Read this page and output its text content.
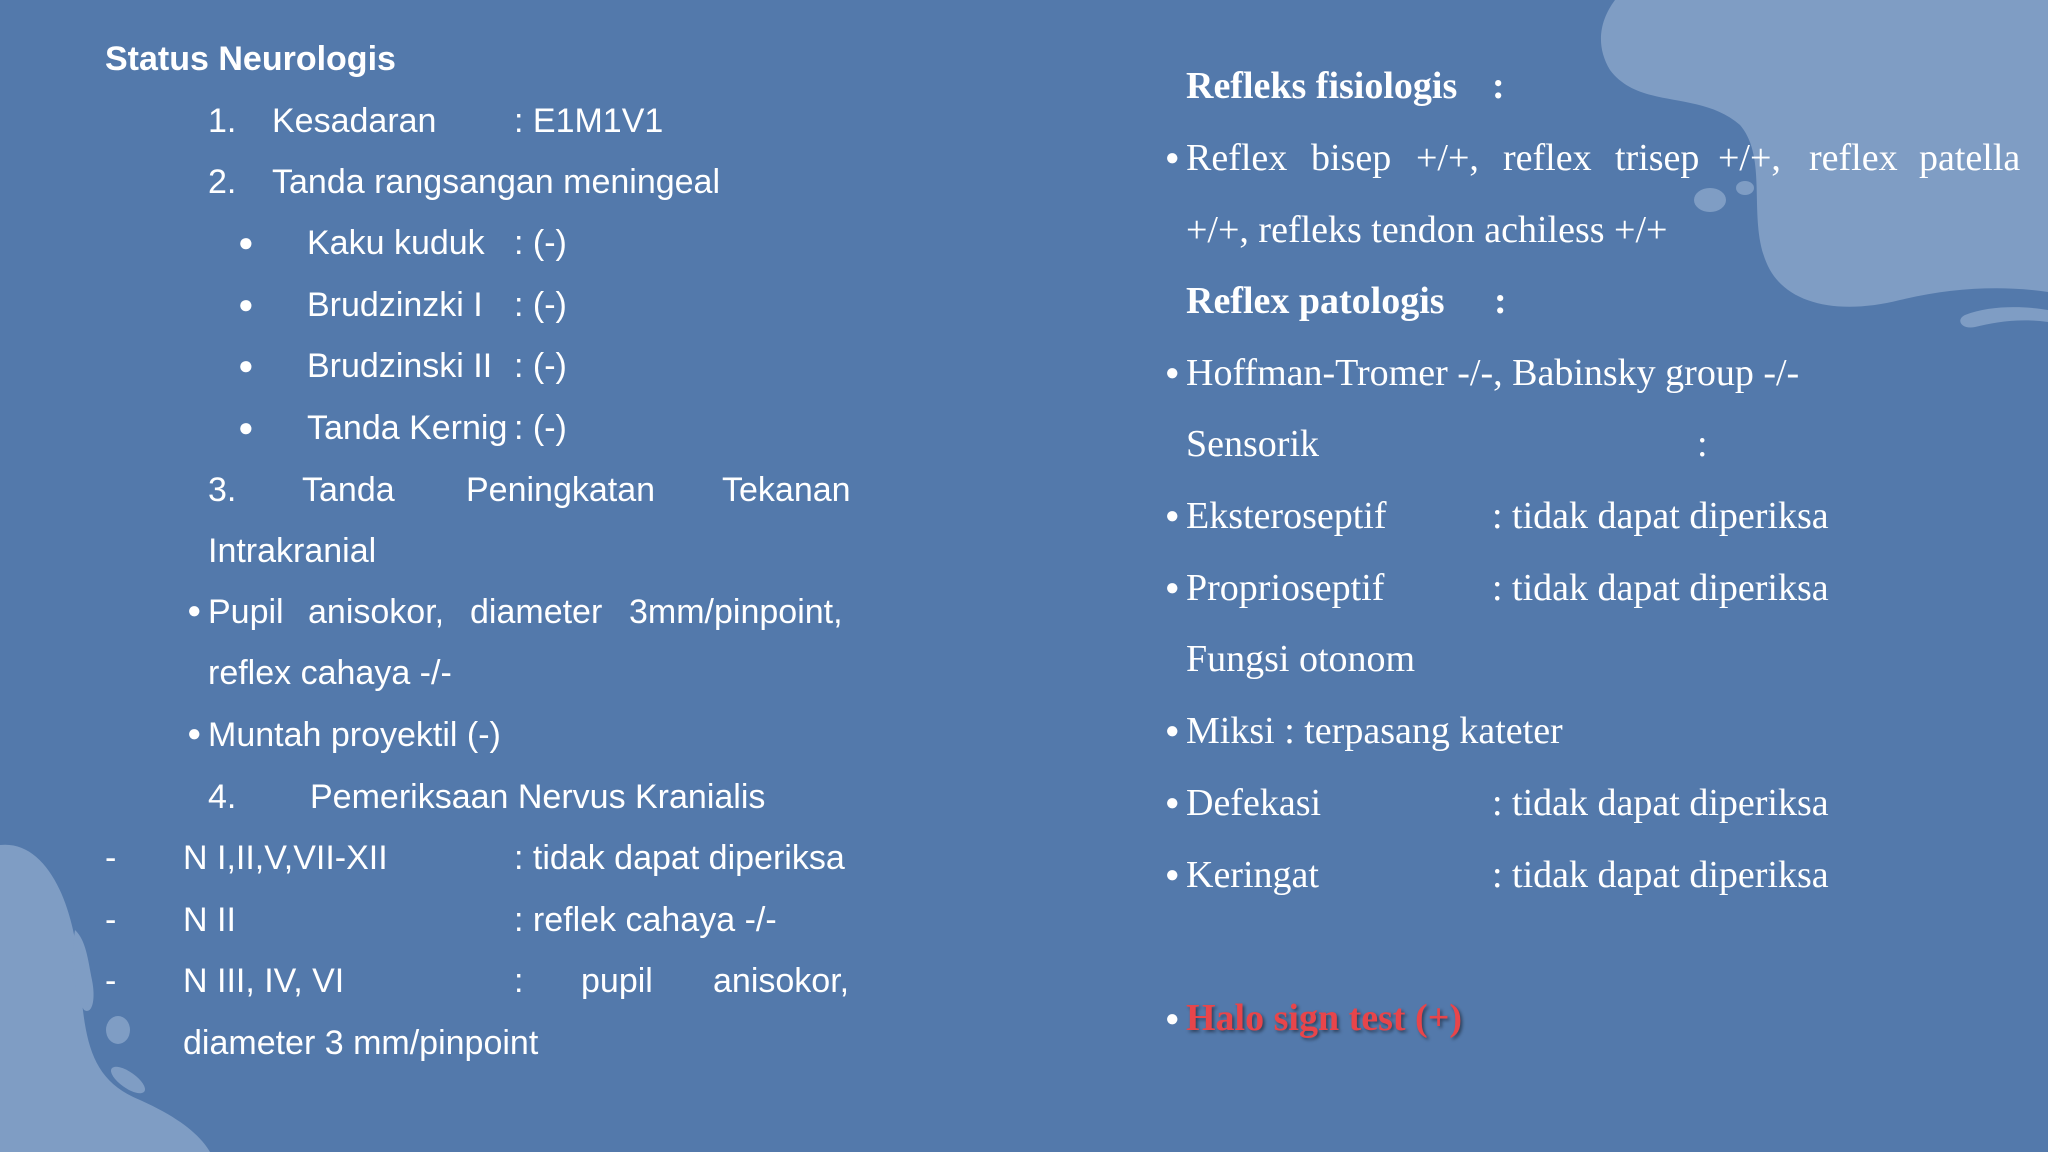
Status Neurologis
1. Kesadaran : E1M1V1
2. Tanda rangsangan meningeal
● Kaku kuduk : (-)
● Brudzinzki I : (-)
● Brudzinski II : (-)
● Tanda Kernig : (-)
3. Tanda Peningkatan Tekanan
Intrakranial
● Pupil anisokor, diameter 3mm/pinpoint,
reflex cahaya -/-
● Muntah proyektil (-)
4. Pemeriksaan Nervus Kranialis
- N I,II,V,VII-XII	: tidak dapat diperiksa
- N II	: reflek cahaya -/-
- N III, IV, VI	: pupil anisokor,
diameter 3 mm/pinpoint
Refleks fisiologis :
● Reflex bisep +/+, reflex trisep +/+, reflex patella
+/+, refleks tendon achiless +/+
Reflex patologis :
● Hoffman-Tromer -/-, Babinsky group -/-
Sensorik	:
● Eksteroseptif	: tidak dapat diperiksa
● Proprioseptif	: tidak dapat diperiksa
Fungsi otonom
● Miksi : terpasang kateter
● Defekasi	: tidak dapat diperiksa
● Keringat	: tidak dapat diperiksa
● Halo sign test (+)
